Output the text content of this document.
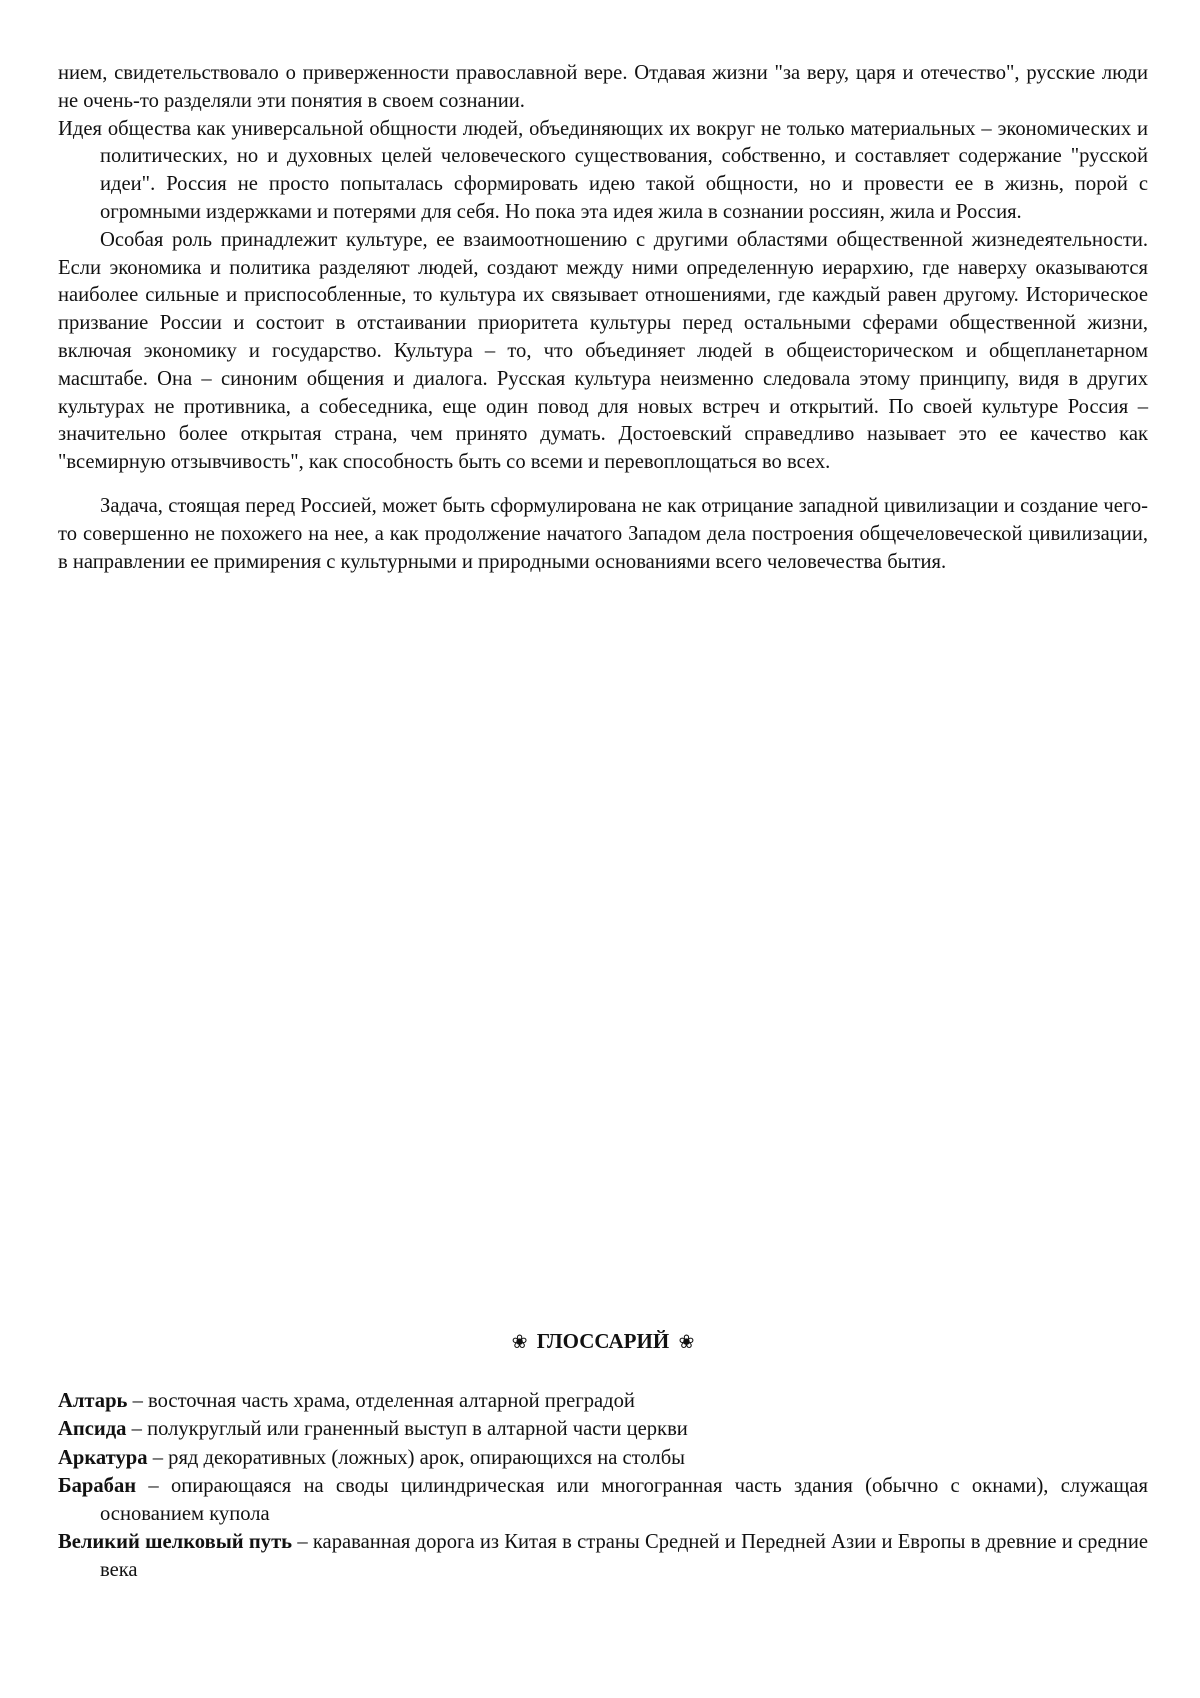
нием, свидетельствовало о приверженности православной вере. Отдавая жизни "за веру, царя и отечество", русские люди не очень-то разделяли эти понятия в своем сознании.

Идея общества как универсальной общности людей, объединяющих их вокруг не только материальных – экономических и политических, но и духовных целей человеческого существования, собственно, и составляет содержание "русской идеи". Россия не просто попыталась сформировать идею такой общности, но и провести ее в жизнь, порой с огромными издержками и потерями для себя. Но пока эта идея жила в сознании россиян, жила и Россия.

Особая роль принадлежит культуре, ее взаимоотношению с другими областями общественной жизнедеятельности. Если экономика и политика разделяют людей, создают между ними определенную иерархию, где наверху оказываются наиболее сильные и приспособленные, то культура их связывает отношениями, где каждый равен другому. Историческое призвание России и состоит в отстаивании приоритета культуры перед остальными сферами общественной жизни, включая экономику и государство. Культура – то, что объединяет людей в общеисторическом и общепланетарном масштабе. Она – синоним общения и диалога. Русская культура неизменно следовала этому принципу, видя в других культурах не противника, а собеседника, еще один повод для новых встреч и открытий. По своей культуре Россия – значительно более открытая страна, чем принято думать. Достоевский справедливо называет это ее качество как "всемирную отзывчивость", как способность быть со всеми и перевоплощаться во всех.

Задача, стоящая перед Россией, может быть сформулирована не как отрицание западной цивилизации и создание чего-то совершенно не похожего на нее, а как продолжение начатого Западом дела построения общечеловеческой цивилизации, в направлении ее примирения с культурными и природными основаниями всего человечества бытия.

❀ ГЛОССАРИЙ ❀

Алтарь – восточная часть храма, отделенная алтарной преградой

Апсида – полукруглый или граненный выступ в алтарной части церкви

Аркатура – ряд декоративных (ложных) арок, опирающихся на столбы

Барабан – опирающаяся на своды цилиндрическая или многогранная часть здания (обычно с окнами), служащая основанием купола

Великий шелковый путь – караванная дорога из Китая в страны Средней и Передней Азии и Европы в древние и средние века
